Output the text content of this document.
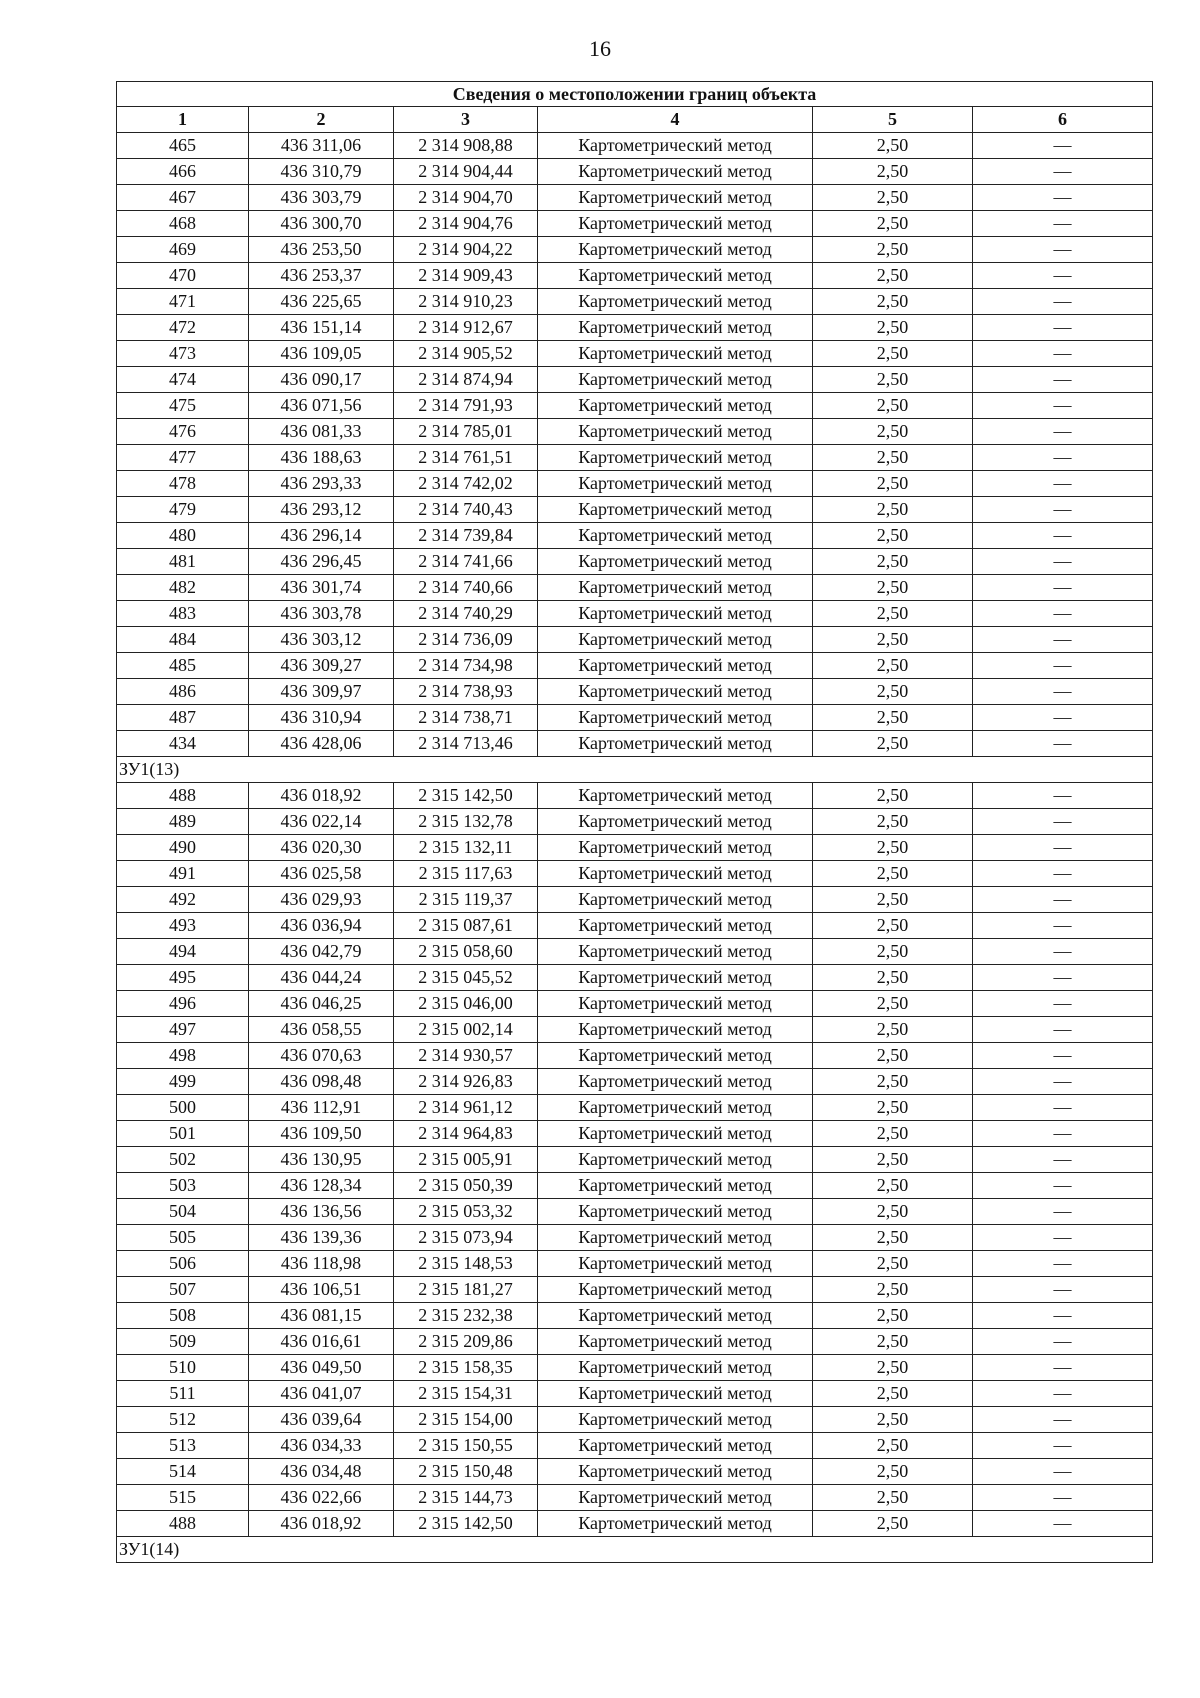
16
Сведения о местоположении границ объекта					
1	2	3	4	5	6
465	436 311,06	2 314 908,88	Картометрический метод	2,50	—
466	436 310,79	2 314 904,44	Картометрический метод	2,50	—
467	436 303,79	2 314 904,70	Картометрический метод	2,50	—
468	436 300,70	2 314 904,76	Картометрический метод	2,50	—
469	436 253,50	2 314 904,22	Картометрический метод	2,50	—
470	436 253,37	2 314 909,43	Картометрический метод	2,50	—
471	436 225,65	2 314 910,23	Картометрический метод	2,50	—
472	436 151,14	2 314 912,67	Картометрический метод	2,50	—
473	436 109,05	2 314 905,52	Картометрический метод	2,50	—
474	436 090,17	2 314 874,94	Картометрический метод	2,50	—
475	436 071,56	2 314 791,93	Картометрический метод	2,50	—
476	436 081,33	2 314 785,01	Картометрический метод	2,50	—
477	436 188,63	2 314 761,51	Картометрический метод	2,50	—
478	436 293,33	2 314 742,02	Картометрический метод	2,50	—
479	436 293,12	2 314 740,43	Картометрический метод	2,50	—
480	436 296,14	2 314 739,84	Картометрический метод	2,50	—
481	436 296,45	2 314 741,66	Картометрический метод	2,50	—
482	436 301,74	2 314 740,66	Картометрический метод	2,50	—
483	436 303,78	2 314 740,29	Картометрический метод	2,50	—
484	436 303,12	2 314 736,09	Картометрический метод	2,50	—
485	436 309,27	2 314 734,98	Картометрический метод	2,50	—
486	436 309,97	2 314 738,93	Картометрический метод	2,50	—
487	436 310,94	2 314 738,71	Картометрический метод	2,50	—
434	436 428,06	2 314 713,46	Картометрический метод	2,50	—
ЗУ1(13)					
488	436 018,92	2 315 142,50	Картометрический метод	2,50	—
489	436 022,14	2 315 132,78	Картометрический метод	2,50	—
490	436 020,30	2 315 132,11	Картометрический метод	2,50	—
491	436 025,58	2 315 117,63	Картометрический метод	2,50	—
492	436 029,93	2 315 119,37	Картометрический метод	2,50	—
493	436 036,94	2 315 087,61	Картометрический метод	2,50	—
494	436 042,79	2 315 058,60	Картометрический метод	2,50	—
495	436 044,24	2 315 045,52	Картометрический метод	2,50	—
496	436 046,25	2 315 046,00	Картометрический метод	2,50	—
497	436 058,55	2 315 002,14	Картометрический метод	2,50	—
498	436 070,63	2 314 930,57	Картометрический метод	2,50	—
499	436 098,48	2 314 926,83	Картометрический метод	2,50	—
500	436 112,91	2 314 961,12	Картометрический метод	2,50	—
501	436 109,50	2 314 964,83	Картометрический метод	2,50	—
502	436 130,95	2 315 005,91	Картометрический метод	2,50	—
503	436 128,34	2 315 050,39	Картометрический метод	2,50	—
504	436 136,56	2 315 053,32	Картометрический метод	2,50	—
505	436 139,36	2 315 073,94	Картометрический метод	2,50	—
506	436 118,98	2 315 148,53	Картометрический метод	2,50	—
507	436 106,51	2 315 181,27	Картометрический метод	2,50	—
508	436 081,15	2 315 232,38	Картометрический метод	2,50	—
509	436 016,61	2 315 209,86	Картометрический метод	2,50	—
510	436 049,50	2 315 158,35	Картометрический метод	2,50	—
511	436 041,07	2 315 154,31	Картометрический метод	2,50	—
512	436 039,64	2 315 154,00	Картометрический метод	2,50	—
513	436 034,33	2 315 150,55	Картометрический метод	2,50	—
514	436 034,48	2 315 150,48	Картометрический метод	2,50	—
515	436 022,66	2 315 144,73	Картометрический метод	2,50	—
488	436 018,92	2 315 142,50	Картометрический метод	2,50	—
ЗУ1(14)					
